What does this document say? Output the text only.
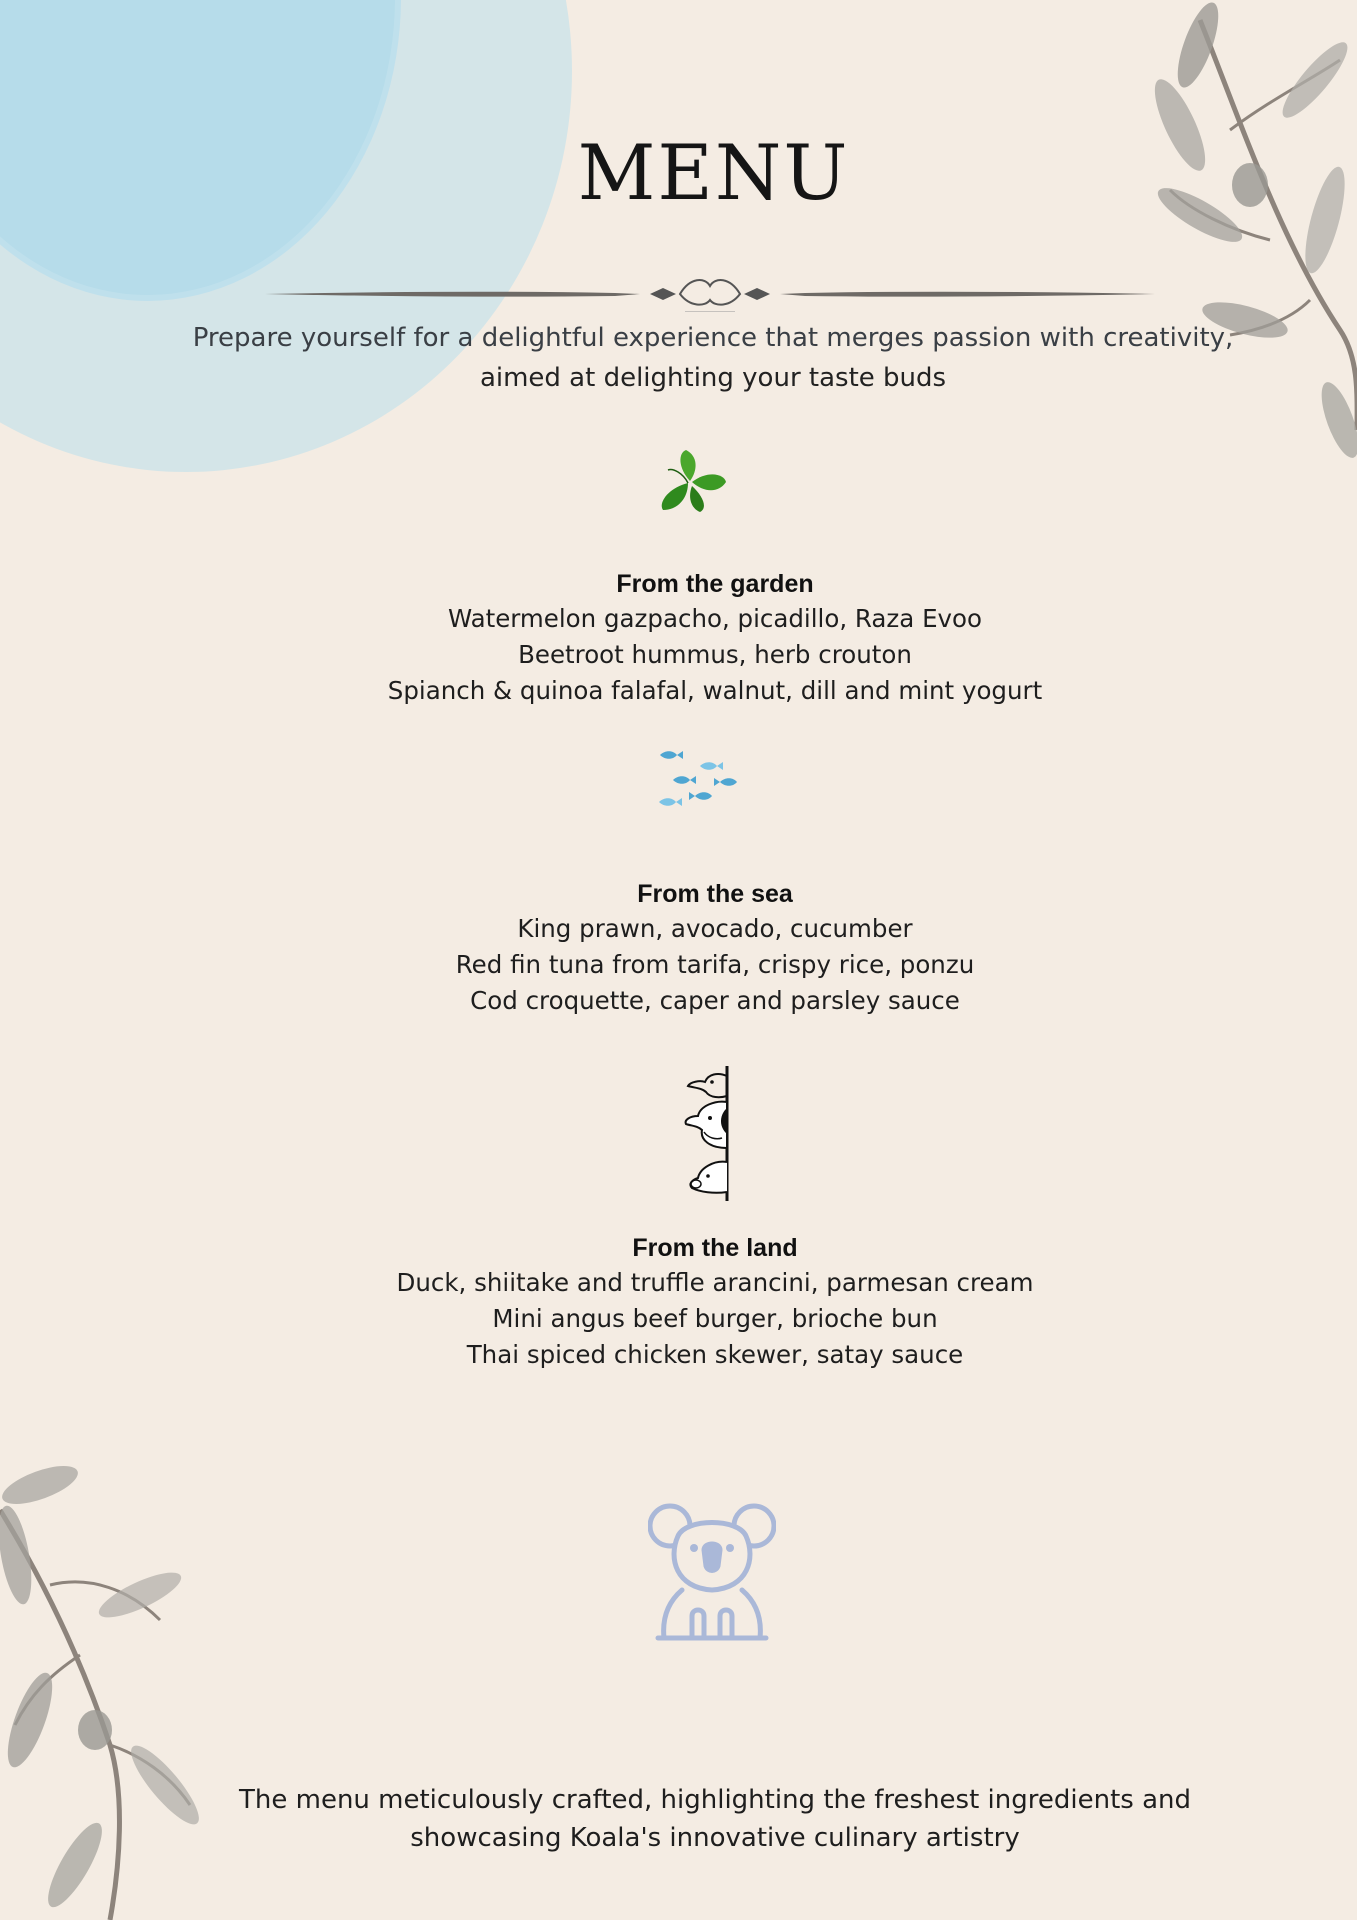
MENU
Prepare yourself for a delightful experience that merges passion with creativity,
aimed at delighting your taste buds
From the garden
Watermelon gazpacho, picadillo, Raza Evoo
Beetroot hummus, herb crouton
Spianch & quinoa falafal, walnut, dill and mint yogurt
From the sea
King prawn, avocado, cucumber
Red fin tuna from tarifa, crispy rice, ponzu
Cod croquette, caper and parsley sauce
From the land
Duck, shiitake and truffle arancini, parmesan cream
Mini angus beef burger, brioche bun
Thai spiced chicken skewer, satay sauce
The menu meticulously crafted, highlighting the freshest ingredients and
showcasing Koala's innovative culinary artistry
